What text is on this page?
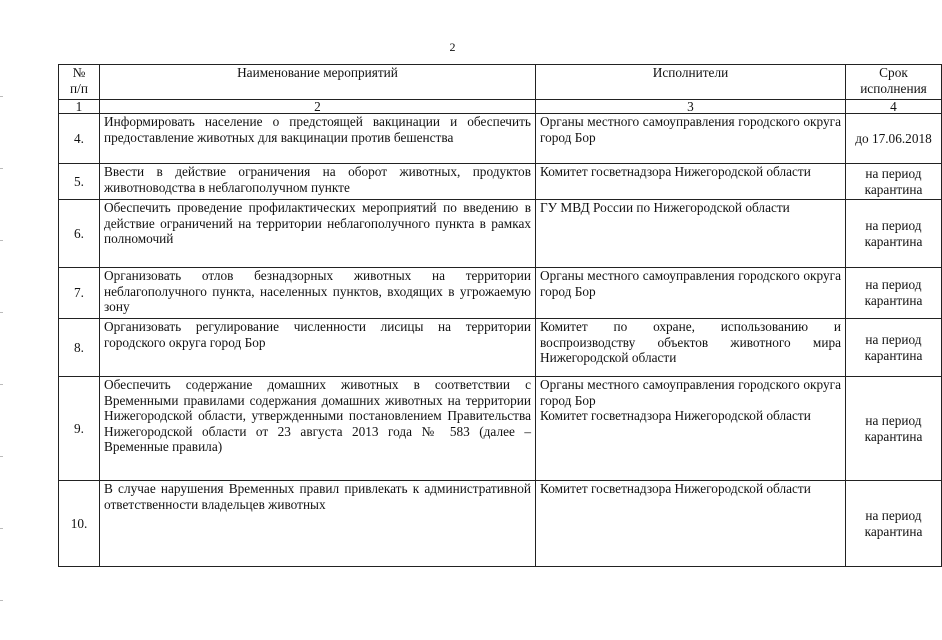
2
№
п/п	Наименование мероприятий	Исполнители	Срок
исполнения
1	2	3	4
4.	Информировать население о предстоящей вакцинации и обеспечить предоставление животных для вакцинации против бешенства	Органы местного самоуправления городского округа город Бор	до 17.06.2018
5.	Ввести в действие ограничения на оборот животных, продуктов животноводства в неблагополучном пункте	Комитет госветнадзора Нижегородской области	на период карантина
6.	Обеспечить проведение профилактических мероприятий по введению в действие ограничений на территории неблагополучного пункта в рамках полномочий	ГУ МВД России по Нижегородской области	на период карантина
7.	Организовать отлов безнадзорных животных на территории неблагополучного пункта, населенных пунктов, входящих в угрожаемую зону	Органы местного самоуправления городского округа город Бор	на период карантина
8.	Организовать регулирование численности лисицы на территории городского округа город Бор	Комитет по охране, использованию и воспроизводству объектов животного мира Нижегородской области	на период карантина
9.	Обеспечить содержание домашних животных в соответствии с Временными правилами содержания домашних животных на территории Нижегородской области, утвержденными постановлением Правительства Нижегородской области от 23 августа 2013 года № 583 (далее – Временные правила)	Органы местного самоуправления городского округа город Бор
Комитет госветнадзора Нижегородской области	на период карантина
10.	В случае нарушения Временных правил привлекать к административной ответственности владельцев животных	Комитет госветнадзора Нижегородской области	на период карантина
